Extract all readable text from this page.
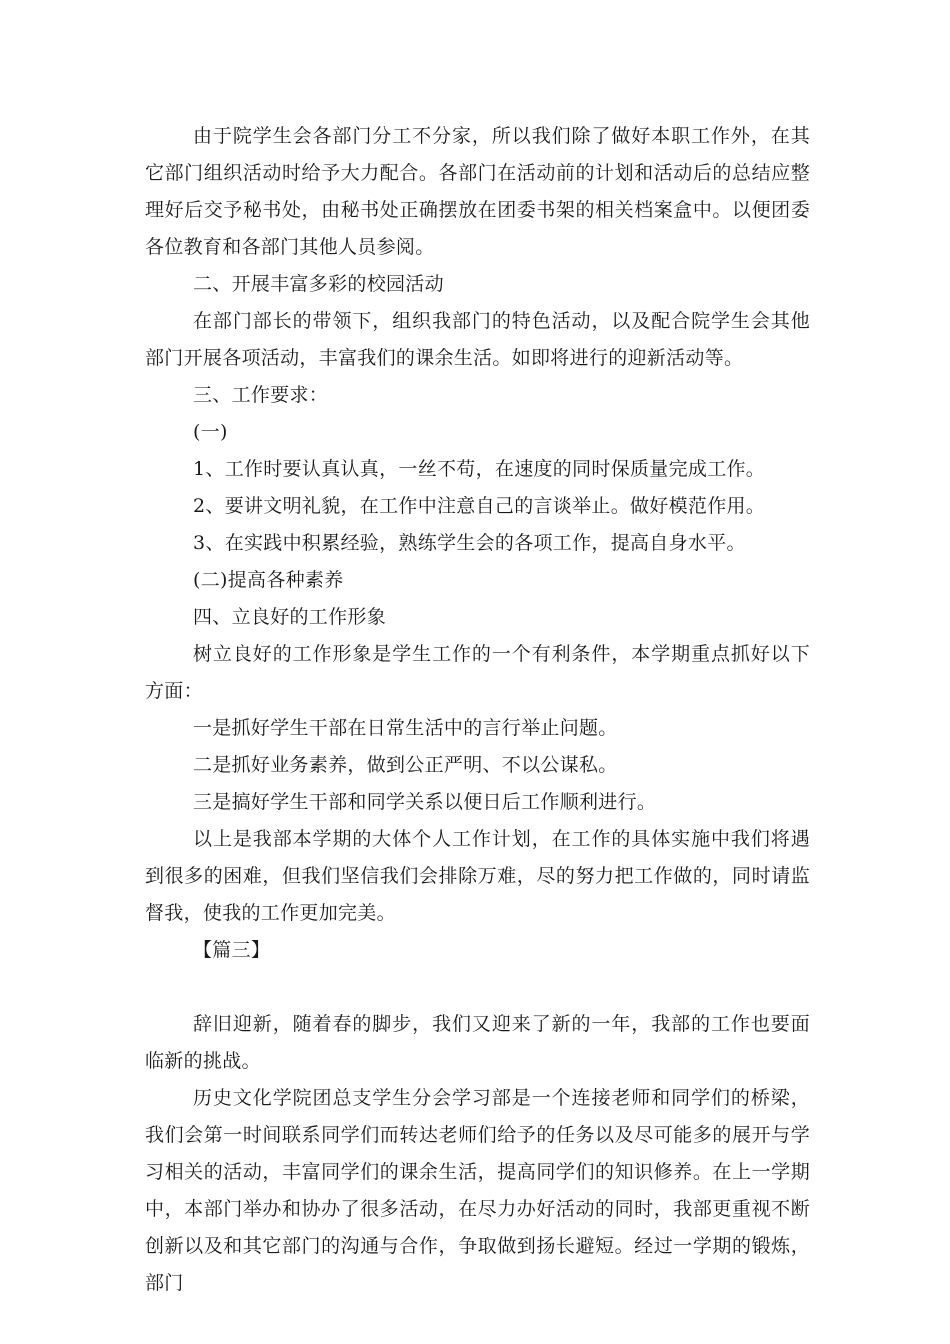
由于院学生会各部门分工不分家，所以我们除了做好本职工作外，在其它部门组织活动时给予大力配合。各部门在活动前的计划和活动后的总结应整理好后交予秘书处，由秘书处正确摆放在团委书架的相关档案盒中。以便团委各位教育和各部门其他人员参阅。

二、开展丰富多彩的校园活动

在部门部长的带领下，组织我部门的特色活动，以及配合院学生会其他部门开展各项活动，丰富我们的课余生活。如即将进行的迎新活动等。

三、工作要求：

(一)

1、工作时要认真认真，一丝不苟，在速度的同时保质量完成工作。

2、要讲文明礼貌，在工作中注意自己的言谈举止。做好模范作用。

3、在实践中积累经验，熟练学生会的各项工作，提高自身水平。

(二)提高各种素养

四、立良好的工作形象

树立良好的工作形象是学生工作的一个有利条件，本学期重点抓好以下方面：

一是抓好学生干部在日常生活中的言行举止问题。

二是抓好业务素养，做到公正严明、不以公谋私。

三是搞好学生干部和同学关系以便日后工作顺利进行。

以上是我部本学期的大体个人工作计划，在工作的具体实施中我们将遇到很多的困难，但我们坚信我们会排除万难，尽的努力把工作做的，同时请监督我，使我的工作更加完美。

【篇三】

辞旧迎新，随着春的脚步，我们又迎来了新的一年，我部的工作也要面临新的挑战。

历史文化学院团总支学生分会学习部是一个连接老师和同学们的桥梁，我们会第一时间联系同学们而转达老师们给予的任务以及尽可能多的展开与学习相关的活动，丰富同学们的课余生活，提高同学们的知识修养。在上一学期中，本部门举办和协办了很多活动，在尽力办好活动的同时，我部更重视不断创新以及和其它部门的沟通与合作，争取做到扬长避短。经过一学期的锻炼，部门
